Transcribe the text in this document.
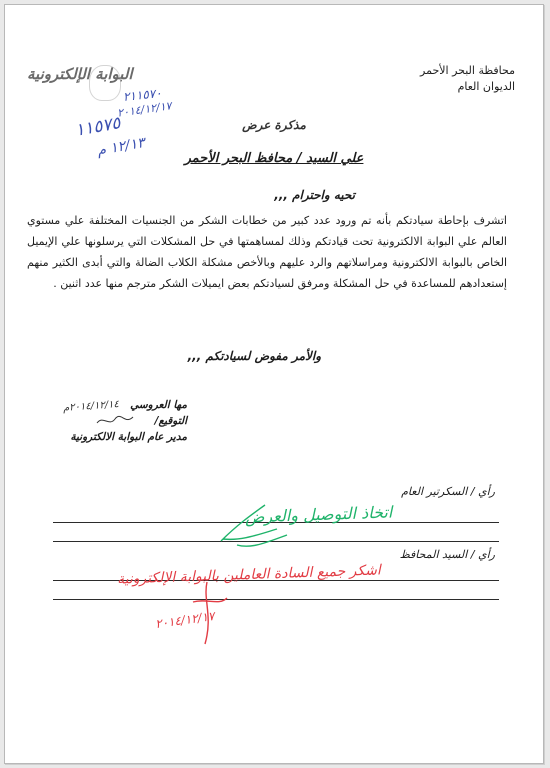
محافظة البحر الأحمر
الديوان العام
البوابة الإلكترونية
٢١١٥٧٠
٢٠١٤/١٢/١٧
١١٥٧٥
١٢/١٣ م
مذكرة عرض
علي السيد / محافظ البحر الأحمر
تحيه واحترام ,,,
اتشرف بإحاطة سيادتكم بأنه تم ورود عدد كبير من خطابات الشكر من الجنسيات المختلفة علي مستوي العالم علي البوابة الالكترونية تحت قيادتكم وذلك لمساهمتها في حل المشكلات التي يرسلونها علي الإيميل الخاص بالبوابة الالكترونية ومراسلاتهم والرد عليهم وبالأخص مشكلة الكلاب الضالة والتي أبدى الكثير منهم إستعدادهم للمساعدة في حل المشكلة ومرفق لسيادتكم بعض ايميلات الشكر مترجم منها عدد اثنين .
والأمر مفوض لسيادتكم ,,,
مها العروسي
التوقيع/
مدير عام البوابة الالكترونية
٢٠١٤/١٢/١٤م
رأي / السكرتير العام
اتخاذ التوصيل والعرض
رأي / السيد المحافظ
اشكر جميع السادة العاملين بالبوابة الإلكترونية
٢٠١٤/١٢/١٧
